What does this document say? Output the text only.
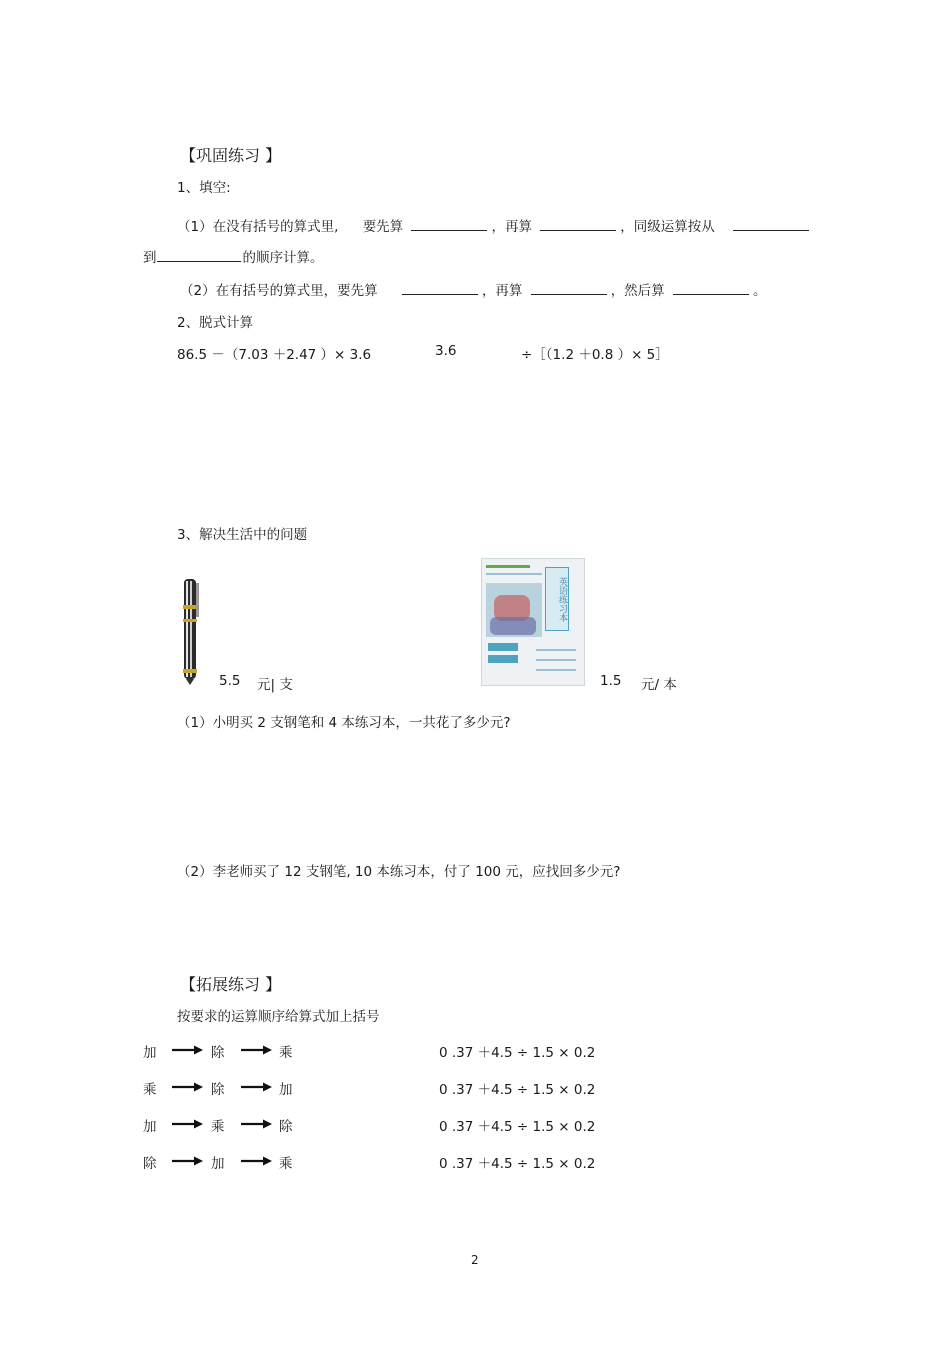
【巩固练习 】
1、填空:
（1）在没有括号的算式里, 要先算	，再算	，同级运算按从
到	的顺序计算。
（2）在有括号的算式里，要先算	，再算	，然后算	。
2、脱式计算
86.5 －（7.03 ＋2.47 ）× 3.6	3.6	÷［（1.2 ＋0.8 ）× 5］
3、解决生活中的问题
5.5 元| 支
英语练习本
1.5 元/ 本
（1）小明买 2 支钢笔和 4 本练习本，一共花了多少元?
（2）李老师买了 12 支钢笔, 10 本练习本，付了 100 元，应找回多少元?
【拓展练习 】
按要求的运算顺序给算式加上括号
加	除	乘	0 .37 ＋4.5 ÷ 1.5 × 0.2
乘	除	加	0 .37 ＋4.5 ÷ 1.5 × 0.2
加	乘	除	0 .37 ＋4.5 ÷ 1.5 × 0.2
除	加	乘	0 .37 ＋4.5 ÷ 1.5 × 0.2
2
